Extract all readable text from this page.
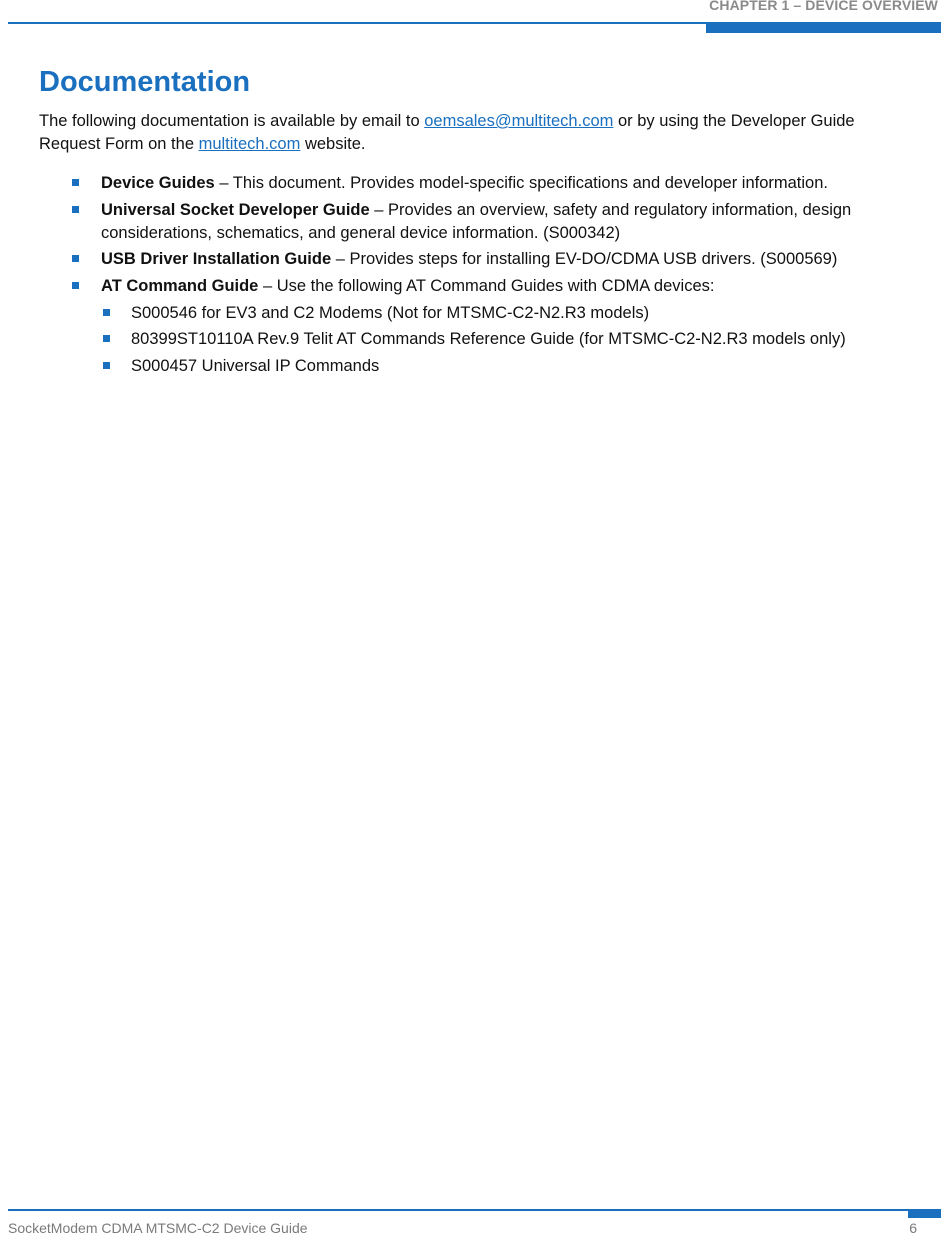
CHAPTER 1 – DEVICE OVERVIEW
Documentation

The following documentation is available by email to oemsales@multitech.com or by using the Developer Guide Request Form on the multitech.com website.

Device Guides – This document. Provides model-specific specifications and developer information.
Universal Socket Developer Guide – Provides an overview, safety and regulatory information, design considerations, schematics, and general device information. (S000342)
USB Driver Installation Guide – Provides steps for installing EV-DO/CDMA USB drivers. (S000569)
AT Command Guide – Use the following AT Command Guides with CDMA devices:
S000546 for EV3 and C2 Modems (Not for MTSMC-C2-N2.R3 models)
80399ST10110A Rev.9 Telit AT Commands Reference Guide (for MTSMC-C2-N2.R3 models only)
S000457 Universal IP Commands
SocketModem CDMA MTSMC-C2 Device Guide	6
